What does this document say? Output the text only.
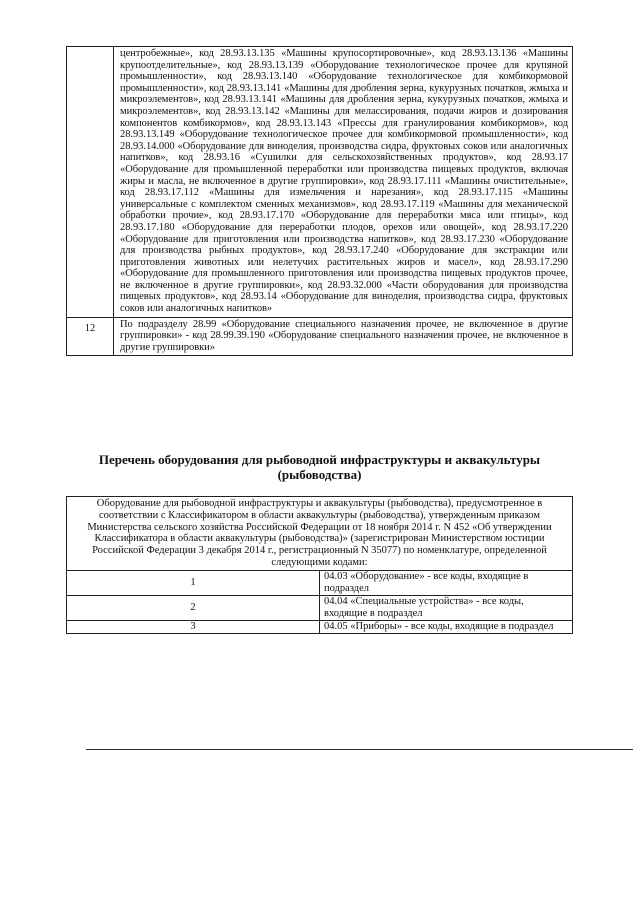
	центробежные», код 28.93.13.135 «Машины крупосортировочные», код 28.93.13.136 «Машины крупоотделительные», код 28.93.13.139 «Оборудование технологическое прочее для крупяной промышленности», код 28.93.13.140 «Оборудование технологическое для комбикормовой промышленности», код 28.93.13.141 «Машины для дробления зерна, кукурузных початков, жмыха и микроэлементов», код 28.93.13.141 «Машины для дробления зерна, кукурузных початков, жмыха и микроэлементов», код 28.93.13.142 «Машины для меласcирования, подачи жиров и дозирования компонентов комбикормов», код 28.93.13.143 «Прессы для гранулирования комбикормов», код 28.93.13.149 «Оборудование технологическое прочее для комбикормовой промышленности», код 28.93.14.000 «Оборудование для виноделия, производства сидра, фруктовых соков или аналогичных напитков», код 28.93.16 «Сушилки для сельскохозяйственных продуктов», код 28.93.17 «Оборудование для промышленной переработки или производства пищевых продуктов, включая жиры и масла, не включенное в другие группировки», код 28.93.17.111 «Машины очистительные», код 28.93.17.112 «Машины для измельчения и нарезания», код 28.93.17.115 «Машины универсальные с комплектом сменных механизмов», код 28.93.17.119 «Машины для механической обработки прочие», код 28.93.17.170 «Оборудование для переработки мяса или птицы», код 28.93.17.180 «Оборудование для переработки плодов, орехов или овощей», код 28.93.17.220 «Оборудование для приготовления или производства напитков», код 28.93.17.230 «Оборудование для производства рыбных продуктов», код 28.93.17.240 «Оборудование для экстракции или приготовления животных или нелетучих растительных жиров и масел», код 28.93.17.290 «Оборудование для промышленного приготовления или производства пищевых продуктов прочее, не включенное в другие группировки», код 28.93.32.000 «Части оборудования для производства пищевых продуктов», код 28.93.14 «Оборудование для виноделия, производства сидра, фруктовых соков или аналогичных напитков»

12	По подразделу 28.99 «Оборудование специального назначения прочее, не включенное в другие группировки» - код 28.99.39.190 «Оборудование специального назначения прочее, не включенное в другие группировки»

Перечень оборудования для рыбоводной инфраструктуры и аквакультуры (рыбоводства)
Оборудование для рыбоводной инфраструктуры и аквакультуры (рыбоводства), предусмотренное в соответствии с Классификатором в области аквакультуры (рыбоводства), утвержденным приказом Министерства сельского хозяйства Российской Федерации от 18 ноября 2014 г. N 452 «Об утверждении Классификатора в области аквакультуры (рыбоводства)» (зарегистрирован Министерством юстиции Российской Федерации 3 декабря 2014 г., регистрационный N 35077) по номенклатуре, определенной следующими кодами:	
1	04.03 «Оборудование» - все коды, входящие в подраздел
2	04.04 «Специальные устройства» - все коды, входящие в подраздел
3	04.05 «Приборы» - все коды, входящие в подраздел
